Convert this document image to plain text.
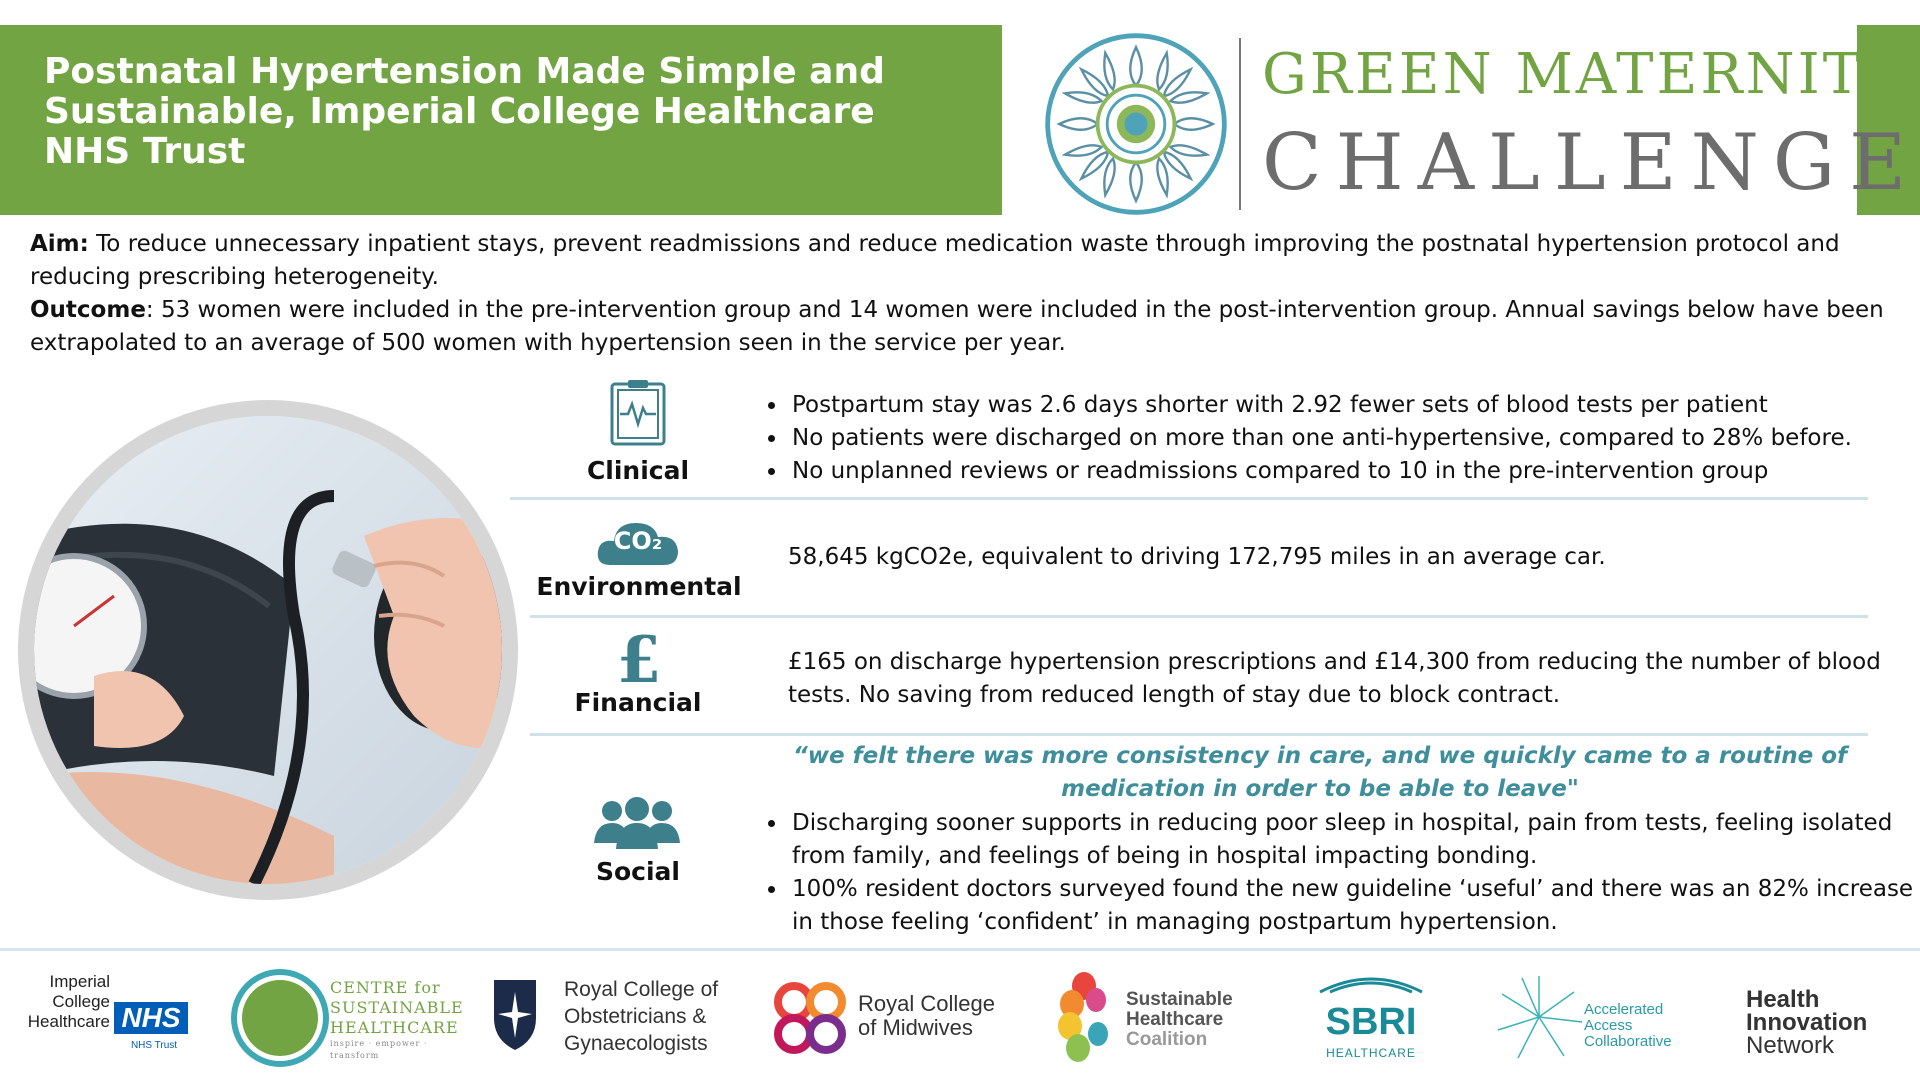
Postnatal Hypertension Made Simple and Sustainable, Imperial College Healthcare NHS Trust
GREEN MATERNITY
CHALLENGE

Aim: To reduce unnecessary inpatient stays, prevent readmissions and reduce medication waste through improving the postnatal hypertension protocol and reducing prescribing heterogeneity.

Outcome: 53 women were included in the pre-intervention group and 14 women were included in the post-intervention group. Annual savings below have been extrapolated to an average of 500 women with hypertension seen in the service per year.

Clinical
• Postpartum stay was 2.6 days shorter with 2.92 fewer sets of blood tests per patient
• No patients were discharged on more than one anti-hypertensive, compared to 28% before.
• No unplanned reviews or readmissions compared to 10 in the pre-intervention group
CO₂
Environmental
58,645 kgCO2e, equivalent to driving 172,795 miles in an average car.
£
Financial
£165 on discharge hypertension prescriptions and £14,300 from reducing the number of blood tests. No saving from reduced length of stay due to block contract.
“we felt there was more consistency in care, and we quickly came to a routine of
medication in order to be able to leave"
Social
• Discharging sooner supports in reducing poor sleep in hospital, pain from tests, feeling isolated from family, and feelings of being in hospital impacting bonding.
• 100% resident doctors surveyed found the new guideline ‘useful’ and there was an 82% increase in those feeling ‘confident’ in managing postpartum hypertension.
Imperial
College
Healthcare NHS
NHS Trust
CENTRE for
SUSTAINABLE
HEALTHCARE
inspire · empower · transform
Royal College of
Obstetricians &
Gynaecologists
Royal College
of Midwives
Sustainable
Healthcare
Coalition	SBRI
HEALTHCARE
Accelerated
Access
Collaborative
Health
Innovation
Network
